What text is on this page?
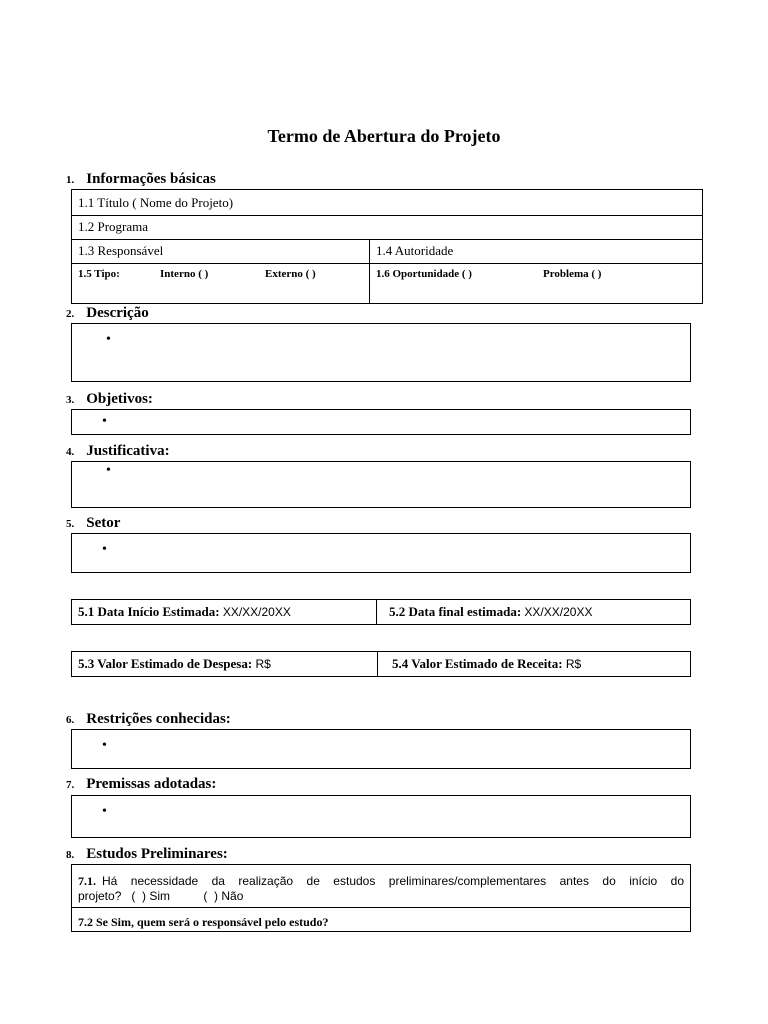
Termo de Abertura do Projeto
1. Informações básicas
1.1 Título ( Nome do Projeto)
1.2 Programa
1.3 Responsável	1.4 Autoridade
1.5 Tipo:	Interno ( )	Externo ( )	1.6 Oportunidade ( )	Problema ( )
2. Descrição
•
3. Objetivos:
•
4. Justificativa:
•
5. Setor
•
5.1 Data Início Estimada: XX/XX/20XX	5.2 Data final estimada: XX/XX/20XX
5.3 Valor Estimado de Despesa: R$	5.4 Valor Estimado de Receita: R$
6. Restrições conhecidas:
•
7. Premissas adotadas:
•
8. Estudos Preliminares:
7.1. Há necessidade da realização de estudos preliminares/complementares antes do início do
projeto?   (  ) Sim          (  ) Não
7.2 Se Sim, quem será o responsável pelo estudo?
